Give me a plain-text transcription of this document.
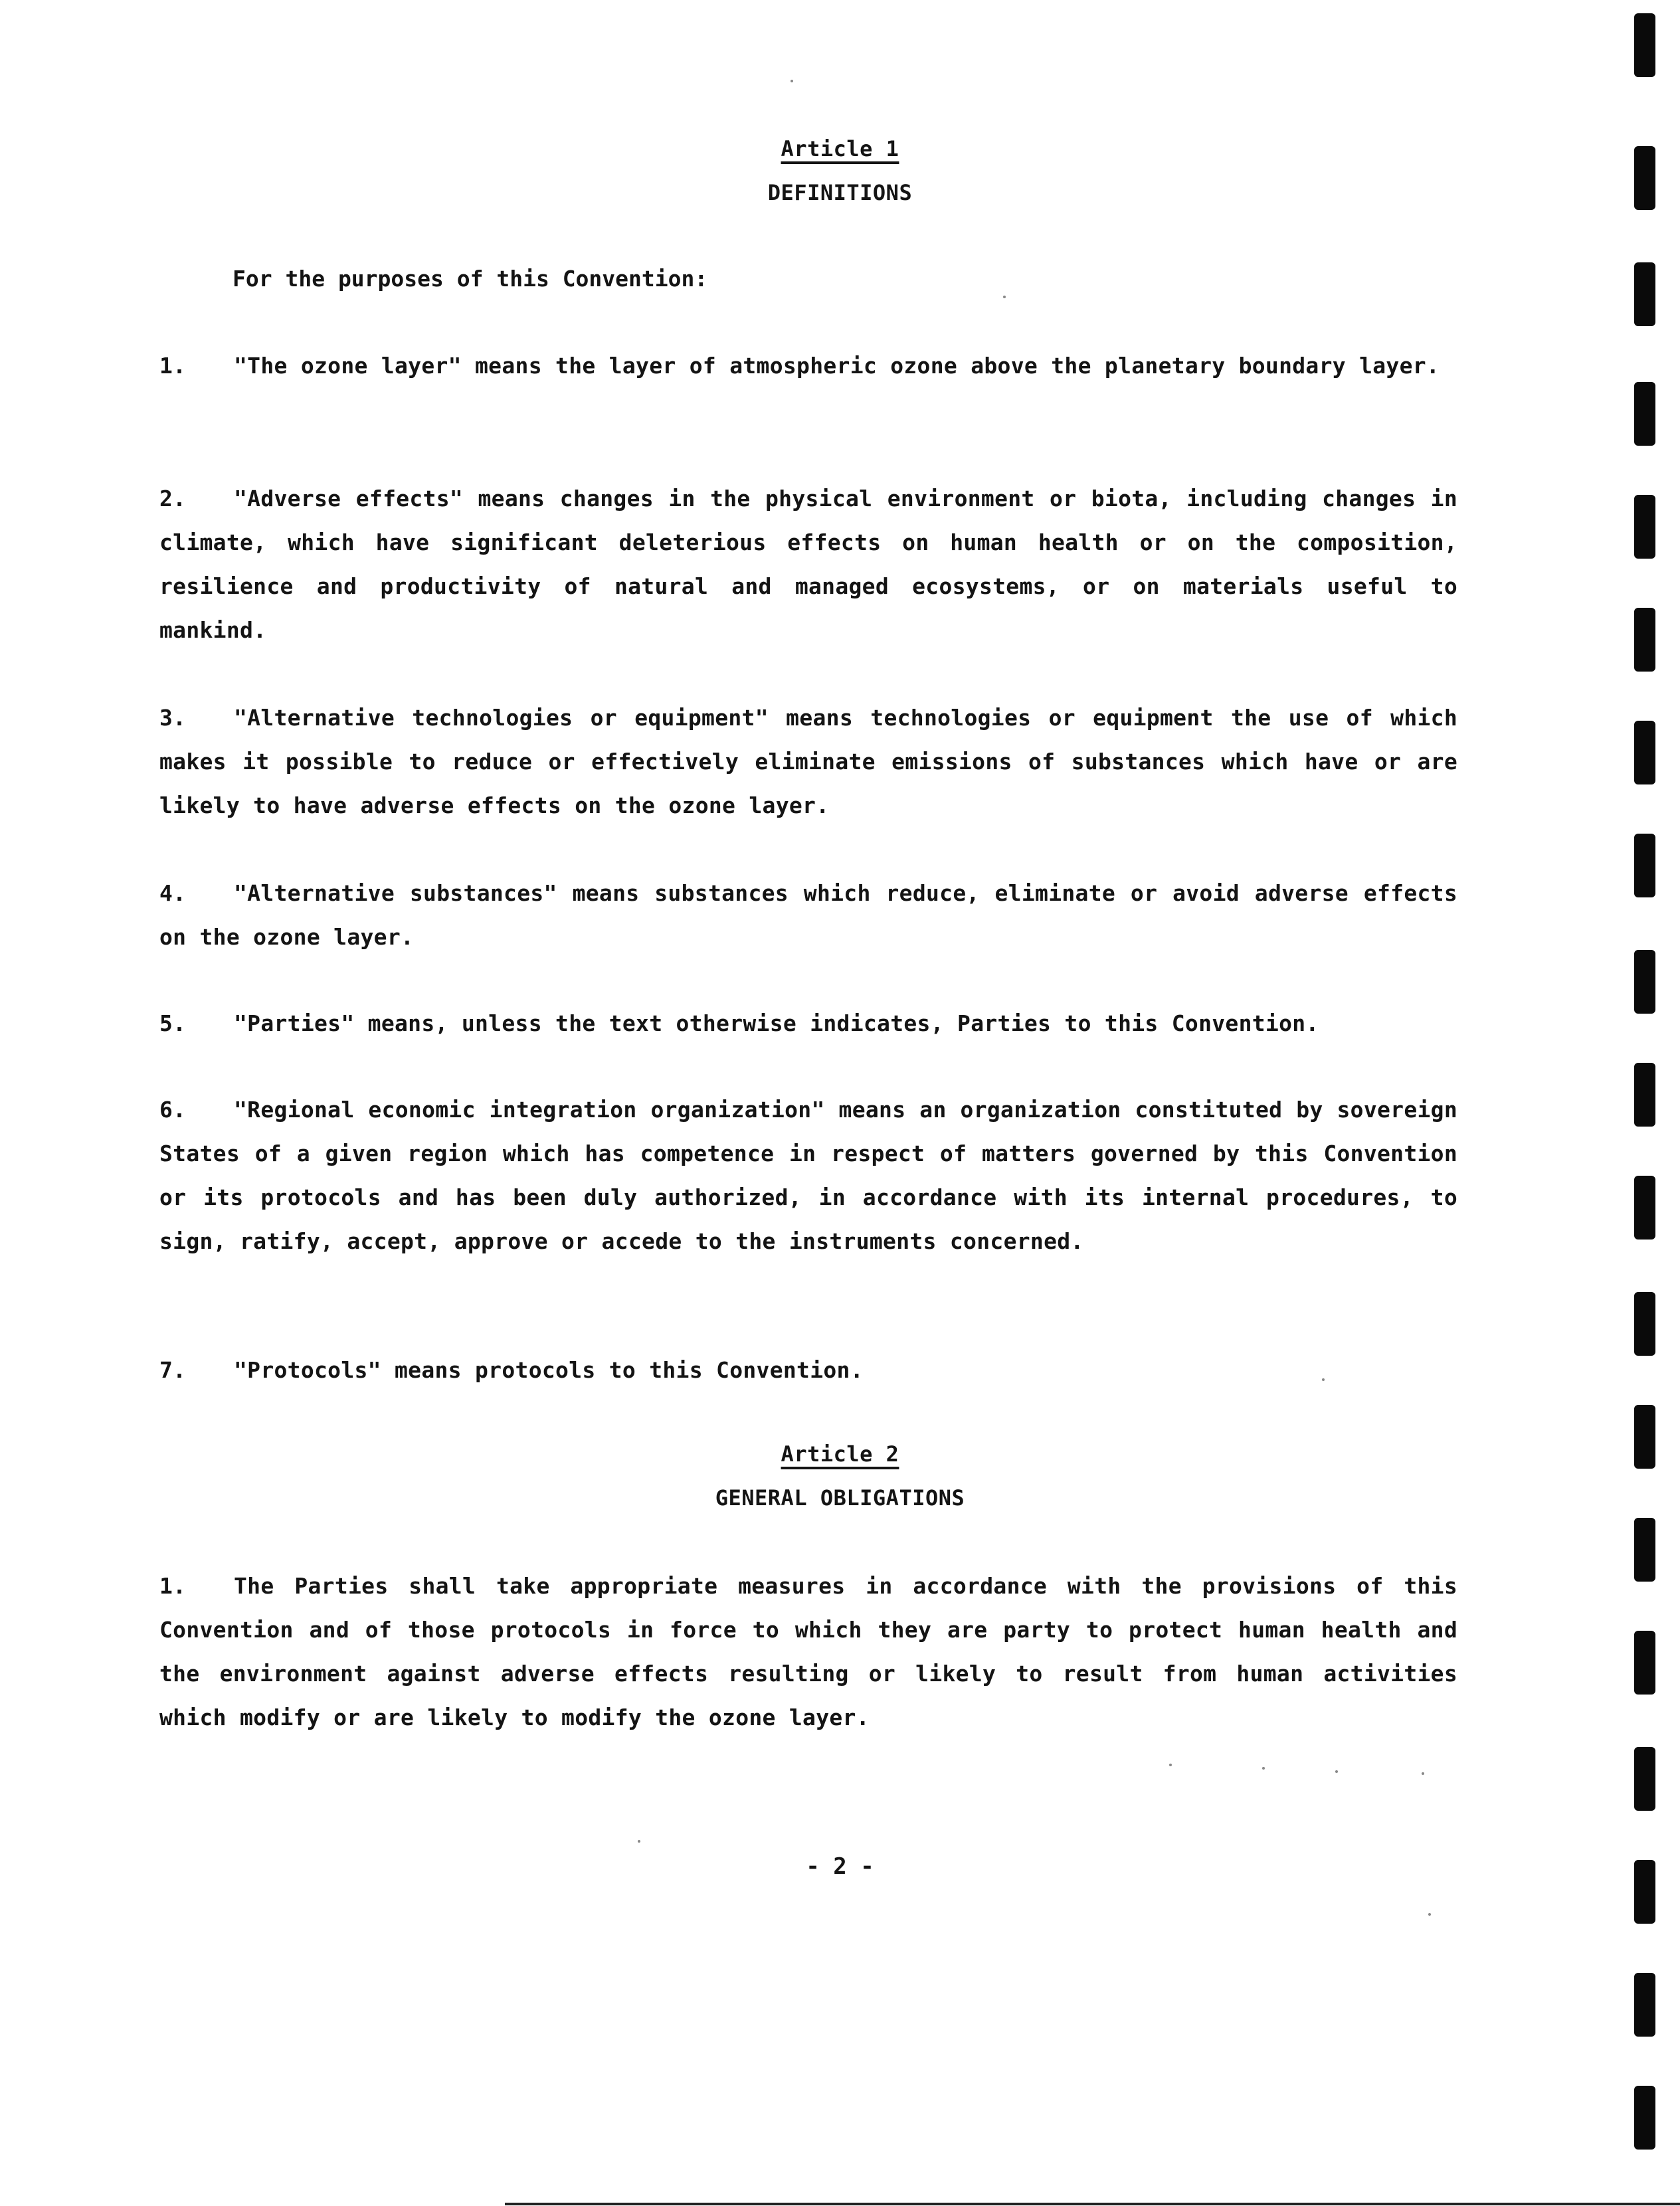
Article 1
DEFINITIONS
For the purposes of this Convention:
1. "The ozone layer" means the layer of atmospheric ozone above the planetary boundary layer.
2. "Adverse effects" means changes in the physical environment or biota, including changes in climate, which have significant deleterious effects on human health or on the composition, resilience and productivity of natural and managed ecosystems, or on materials useful to mankind.
3. "Alternative technologies or equipment" means technologies or equipment the use of which makes it possible to reduce or effectively eliminate emissions of substances which have or are likely to have adverse effects on the ozone layer.
4. "Alternative substances" means substances which reduce, eliminate or avoid adverse effects on the ozone layer.
5. "Parties" means, unless the text otherwise indicates, Parties to this Convention.
6. "Regional economic integration organization" means an organization constituted by sovereign States of a given region which has competence in respect of matters governed by this Convention or its protocols and has been duly authorized, in accordance with its internal procedures, to sign, ratify, accept, approve or accede to the instruments concerned.
7. "Protocols" means protocols to this Convention.
Article 2
GENERAL OBLIGATIONS
1. The Parties shall take appropriate measures in accordance with the provisions of this Convention and of those protocols in force to which they are party to protect human health and the environment against adverse effects resulting or likely to result from human activities which modify or are likely to modify the ozone layer.
- 2 -
